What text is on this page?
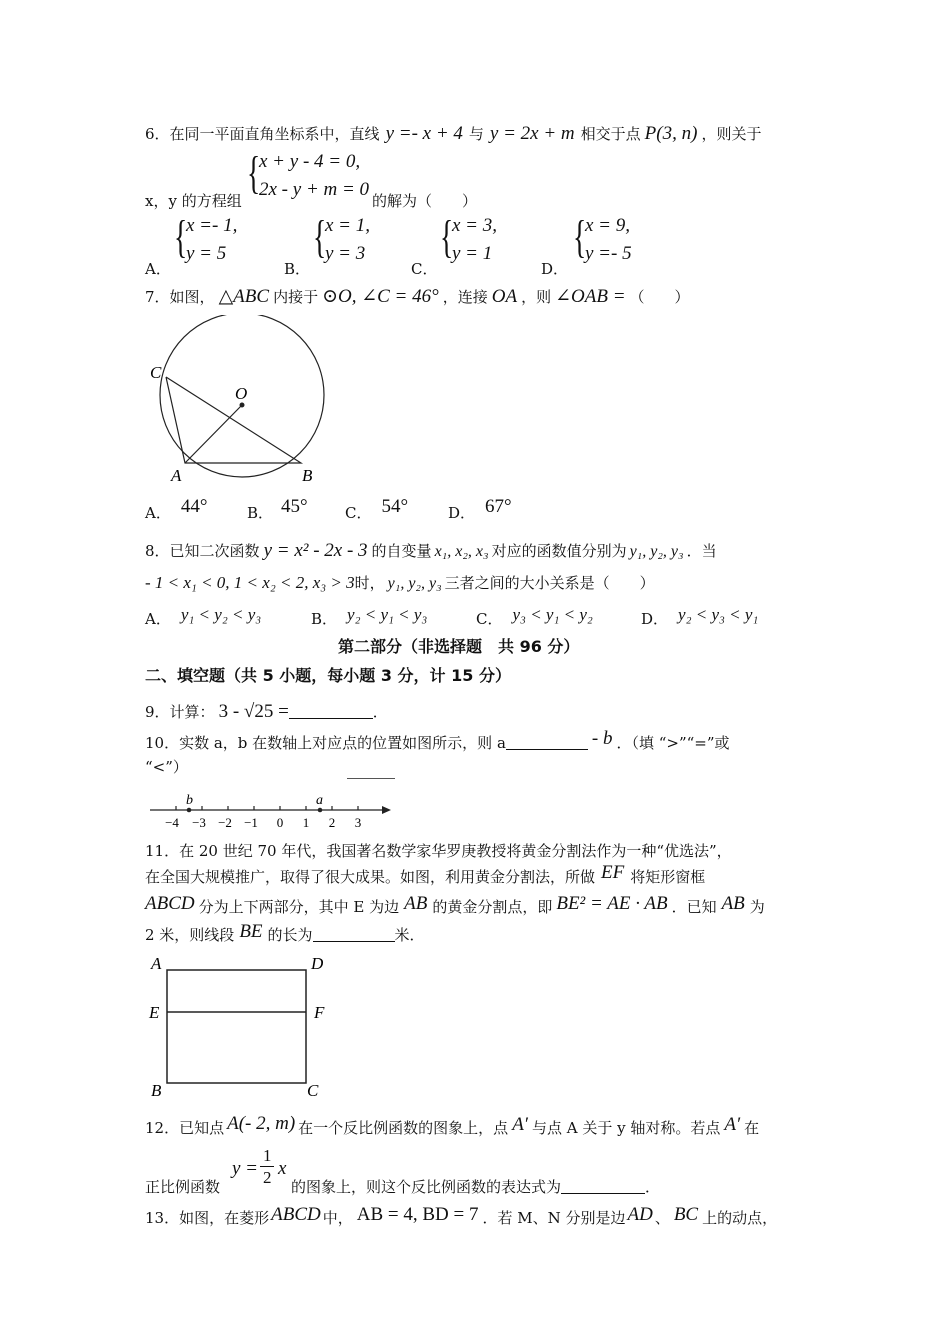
6．在同一平面直角坐标系中，直线 y =- x + 4 与 y = 2x + m 相交于点 P(3, n) ，则关于
x，y 的方程组
{
x + y - 4 = 0,
2x - y + m = 0
的解为（　　）
A．
{
x =- 1,
y = 5
B．
{
x = 1,
y = 3
C．
{
x = 3,
y = 1
D．
{
x = 9,
y =- 5
7．如图， △ABC 内接于 ⊙O, ∠C = 46° ，连接 OA ，则 ∠OAB = （　　）
C
O
A	B
A． 44°	B． 45° C． 54°	D． 67°
8．已知二次函数 y = x² - 2x - 3 的自变量 x₁, x₂, x₃ 对应的函数值分别为 y₁, y₂, y₃ ．当
- 1 < x₁ < 0, 1 < x₂ < 2, x₃ > 3时， y₁, y₂, y₃ 三者之间的大小关系是（　　）
A． y₁ < y₂ < y₃	B． y₂ < y₁ < y₃	C． y₃ < y₁ < y₂	D． y₂ < y₃ < y₁
第二部分（非选择题　共 96 分）
二、填空题（共 5 小题，每小题 3 分，计 15 分）
9．计算： 3 - √25 =	．
10．实数 a，b 在数轴上对应点的位置如图所示，则 a	- b ．（填 “>”“=”或
“<”）
b	a
−4 −3 −2 −1 0 1 2 3
11．在 20 世纪 70 年代，我国著名数学家华罗庚教授将黄金分割法作为一种“优选法”，
在全国大规模推广，取得了很大成果。如图，利用黄金分割法，所做 EF 将矩形窗框
ABCD 分为上下两部分，其中 E 为边 AB 的黄金分割点，即 BE² = AE · AB ．已知 AB 为
2 米，则线段 BE 的长为	米．
A	D
E	F
B	C
12．已知点 A(- 2, m) 在一个反比例函数的图象上，点 A′ 与点 A 关于 y 轴对称。若点 A′ 在
正比例函数
y =
1
2 x
的图象上，则这个反比例函数的表达式为	．
13．如图，在菱形 ABCD 中， AB = 4, BD = 7 ．若 M、N 分别是边 AD 、 BC 上的动点，
